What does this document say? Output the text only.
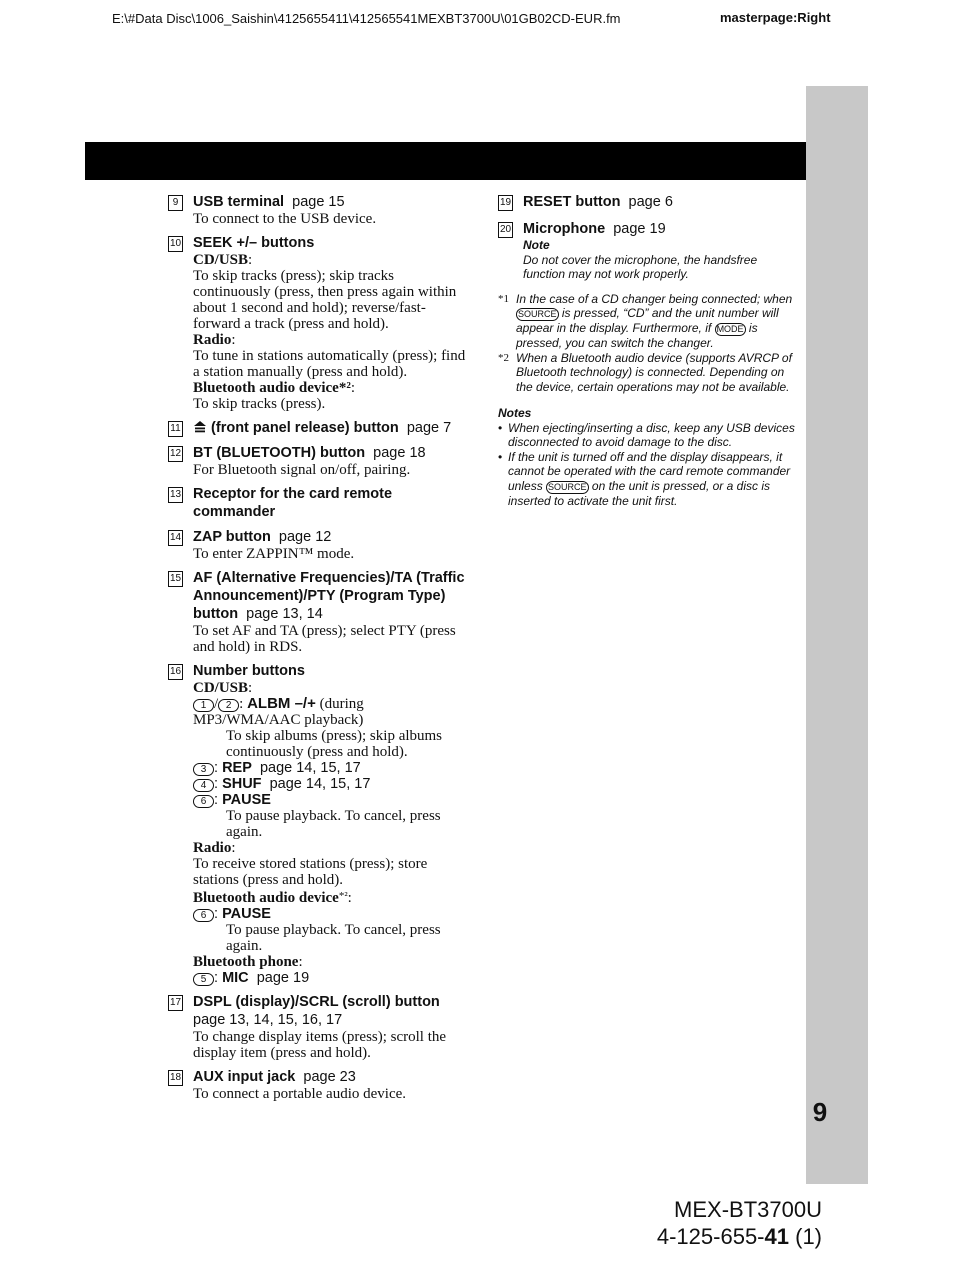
E:\#Data Disc\1006_Saishin\4125655411\412565541MEXBT3700U\01GB02CD-EUR.fm	masterpage:Right
9
9	USB terminal page 15
To connect to the USB device.
10 SEEK +/– buttons
CD/USB:
To skip tracks (press); skip tracks continuously (press, then press again within about 1 second and hold); reverse/fast-forward a track (press and hold).
Radio:
To tune in stations automatically (press); find a station manually (press and hold).
Bluetooth audio device*²:
To skip tracks (press).
11	(front panel release) button page 7
12 BT (BLUETOOTH) button page 18
For Bluetooth signal on/off, pairing.
13 Receptor for the card remote commander
14 ZAP button page 12
To enter ZAPPIN™ mode.
15 AF (Alternative Frequencies)/TA (Traffic Announcement)/PTY (Program Type) button page 13, 14
To set AF and TA (press); select PTY (press and hold) in RDS.
16 Number buttons
CD/USB:
1 / 2 : ALBM –/+ (during MP3/WMA/AAC playback)
To skip albums (press); skip albums continuously (press and hold).
3 : REP page 14, 15, 17
4 : SHUF page 14, 15, 17
6 : PAUSE
To pause playback. To cancel, press again.
Radio:
To receive stored stations (press); store stations (press and hold).
Bluetooth audio device$^{*^2}$:
6 : PAUSE
To pause playback. To cancel, press again.
Bluetooth phone:
5 : MIC page 19
17 DSPL (display)/SCRL (scroll) button
page 13, 14, 15, 16, 17
To change display items (press); scroll the display item (press and hold).
18 AUX input jack page 23
To connect a portable audio device.
19 RESET button page 6
20 Microphone page 19
Note
Do not cover the microphone, the handsfree function may not work properly.
*1 In the case of a CD changer being connected; when SOURCE is pressed, “CD” and the unit number will appear in the display. Furthermore, if MODE is pressed, you can switch the changer.
*2 When a Bluetooth audio device (supports AVRCP of Bluetooth technology) is connected. Depending on the device, certain operations may not be available.
Notes
• When ejecting/inserting a disc, keep any USB devices disconnected to avoid damage to the disc.
• If the unit is turned off and the display disappears, it cannot be operated with the card remote commander unless SOURCE on the unit is pressed, or a disc is inserted to activate the unit first.
MEX-BT3700U
4-125-655-41 (1)
